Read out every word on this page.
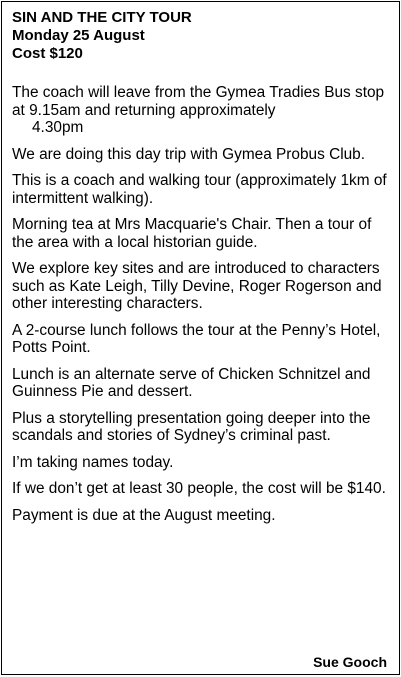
SIN AND THE CITY TOUR
Monday 25 August
Cost $120
The coach will leave from the Gymea Tradies Bus stop at 9.15am and returning approximately
4.30pm
We are doing this day trip with Gymea Probus Club.
This is a coach and walking tour (approximately 1km of intermittent walking).
Morning tea at Mrs Macquarie's Chair. Then a tour of the area with a local historian guide.
We explore key sites and are introduced to characters such as Kate Leigh, Tilly Devine, Roger Rogerson and other interesting characters.
A 2-course lunch follows the tour at the Penny’s Hotel, Potts Point.
Lunch is an alternate serve of Chicken Schnitzel and Guinness Pie and dessert.
Plus a storytelling presentation going deeper into the scandals and stories of Sydney’s criminal past.
I’m taking names today.
If we don’t get at least 30 people, the cost will be $140.
Payment is due at the August meeting.
Sue Gooch
